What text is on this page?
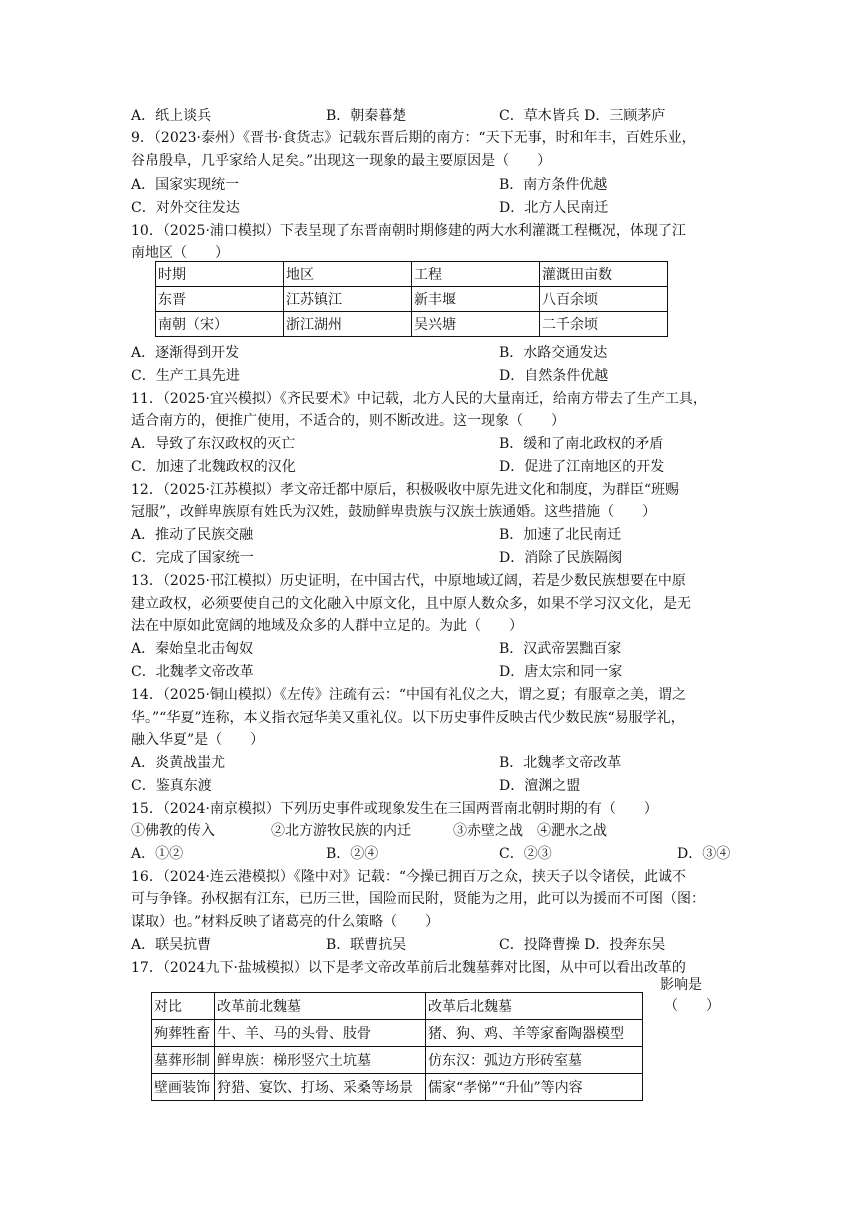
A．纸上谈兵	B．朝秦暮楚	C．草木皆兵 D．三顾茅庐
9．（2023·泰州）《晋书·食货志》记载东晋后期的南方：“天下无事，时和年丰，百姓乐业，
谷帛殷阜，几乎家给人足矣。”出现这一现象的最主要原因是（　　）
A．国家实现统一	B．南方条件优越
C．对外交往发达	D．北方人民南迁
10．（2025·浦口模拟）下表呈现了东晋南朝时期修建的两大水利灌溉工程概况，体现了江
南地区（　　）
A．逐渐得到开发	B．水路交通发达
C．生产工具先进	D．自然条件优越
11．（2025·宜兴模拟）《齐民要术》中记载，北方人民的大量南迁，给南方带去了生产工具，
适合南方的，便推广使用，不适合的，则不断改进。这一现象（　　）
A．导致了东汉政权的灭亡	B．缓和了南北政权的矛盾
C．加速了北魏政权的汉化	D．促进了江南地区的开发
12．（2025·江苏模拟）孝文帝迁都中原后，积极吸收中原先进文化和制度，为群臣“班赐
冠服”，改鲜卑族原有姓氏为汉姓，鼓励鲜卑贵族与汉族士族通婚。这些措施（　　）
A．推动了民族交融	B．加速了北民南迁
C．完成了国家统一	D．消除了民族隔阂
13．（2025·邗江模拟）历史证明，在中国古代，中原地域辽阔，若是少数民族想要在中原
建立政权，必须要使自己的文化融入中原文化，且中原人数众多，如果不学习汉文化，是无
法在中原如此宽阔的地域及众多的人群中立足的。为此（　　）
A．秦始皇北击匈奴	B．汉武帝罢黜百家
C．北魏孝文帝改革	D．唐太宗和同一家
14．（2025·铜山模拟）《左传》注疏有云：“中国有礼仪之大，谓之夏；有服章之美，谓之
华。”“华夏”连称，本义指衣冠华美又重礼仪。以下历史事件反映古代少数民族“易服学礼，
融入华夏”是（　　）
A．炎黄战蚩尤	B．北魏孝文帝改革
C．鉴真东渡	D．澶渊之盟
15．（2024·南京模拟）下列历史事件或现象发生在三国两晋南北朝时期的有（　　）
①佛教的传入　　　　②北方游牧民族的内迁　　　③赤壁之战　④淝水之战
A．①②	B．②④	C．②③	D．③④
16．（2024·连云港模拟）《隆中对》记载：“今操已拥百万之众，挟天子以令诸侯，此诚不
可与争锋。孙权据有江东，已历三世，国险而民附，贤能为之用，此可以为援而不可图（图：
谋取）也。”材料反映了诸葛亮的什么策略（　　）
A．联吴抗曹	B．联曹抗吴	C．投降曹操 D．投奔东吴
17．（2024九下·盐城模拟）以下是孝文帝改革前后北魏墓葬对比图，从中可以看出改革的
影响是
（　　）
时期	地区	工程	灌溉田亩数
东晋	江苏镇江	新丰堰	八百余顷
南朝（宋）	浙江湖州	吴兴塘	二千余顷
对比	改革前北魏墓	改革后北魏墓
殉葬牲畜	牛、羊、马的头骨、肢骨	猪、狗、鸡、羊等家畜陶器模型
墓葬形制	鲜卑族：梯形竖穴土坑墓	仿东汉：弧边方形砖室墓
壁画装饰	狩猎、宴饮、打场、采桑等场景	儒家“孝悌”“升仙”等内容
